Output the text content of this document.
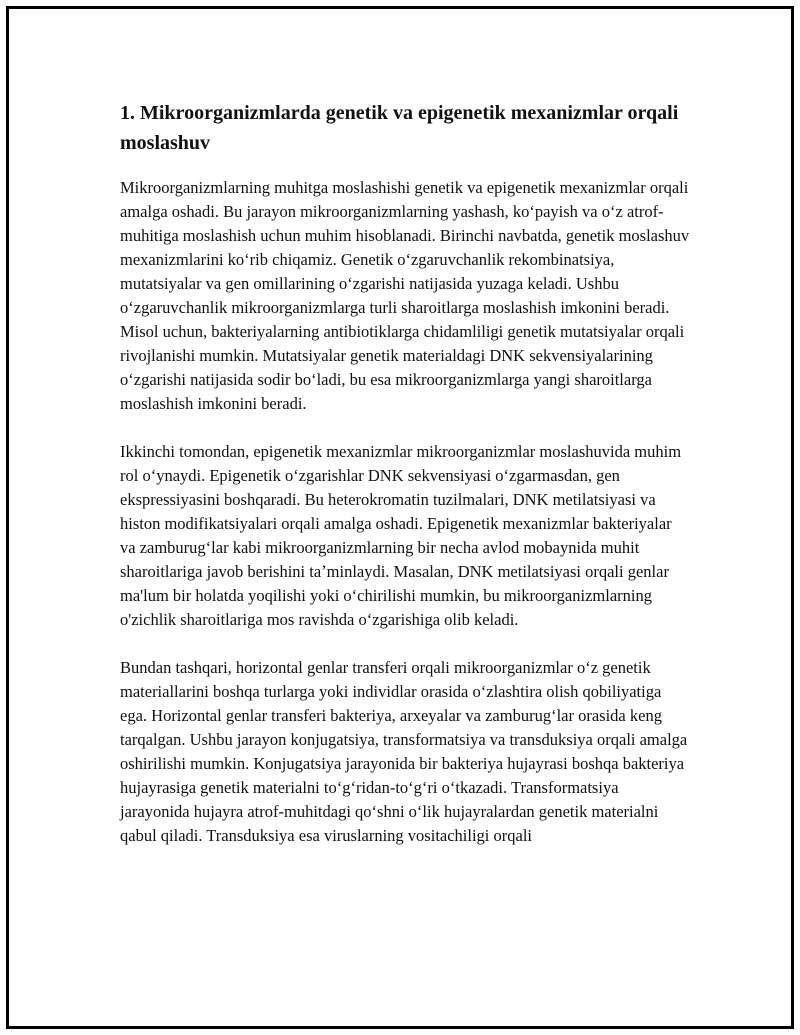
1. Mikroorganizmlarda genetik va epigenetik mexanizmlar orqali moslashuv

Mikroorganizmlarning muhitga moslashishi genetik va epigenetik mexanizmlar orqali amalga oshadi. Bu jarayon mikroorganizmlarning yashash, koʻpayish va oʻz atrof-muhitiga moslashish uchun muhim hisoblanadi. Birinchi navbatda, genetik moslashuv mexanizmlarini koʻrib chiqamiz. Genetik oʻzgaruvchanlik rekombinatsiya, mutatsiyalar va gen omillarining oʻzgarishi natijasida yuzaga keladi. Ushbu oʻzgaruvchanlik mikroorganizmlarga turli sharoitlarga moslashish imkonini beradi. Misol uchun, bakteriyalarning antibiotiklarga chidamliligi genetik mutatsiyalar orqali rivojlanishi mumkin. Mutatsiyalar genetik materialdagi DNK sekvensiyalarining oʻzgarishi natijasida sodir boʻladi, bu esa mikroorganizmlarga yangi sharoitlarga moslashish imkonini beradi.

Ikkinchi tomondan, epigenetik mexanizmlar mikroorganizmlar moslashuvida muhim rol oʻynaydi. Epigenetik oʻzgarishlar DNK sekvensiyasi oʻzgarmasdan, gen ekspressiyasini boshqaradi. Bu heterokromatin tuzilmalari, DNK metilatsiyasi va histon modifikatsiyalari orqali amalga oshadi. Epigenetik mexanizmlar bakteriyalar va zamburugʻlar kabi mikroorganizmlarning bir necha avlod mobaynida muhit sharoitlariga javob berishini taʼminlaydi. Masalan, DNK metilatsiyasi orqali genlar ma'lum bir holatda yoqilishi yoki oʻchirilishi mumkin, bu mikroorganizmlarning o'zichlik sharoitlariga mos ravishda oʻzgarishiga olib keladi.

Bundan tashqari, horizontal genlar transferi orqali mikroorganizmlar oʻz genetik materiallarini boshqa turlarga yoki individlar orasida oʻzlashtira olish qobiliyatiga ega. Horizontal genlar transferi bakteriya, arxeyalar va zamburugʻlar orasida keng tarqalgan. Ushbu jarayon konjugatsiya, transformatsiya va transduksiya orqali amalga oshirilishi mumkin. Konjugatsiya jarayonida bir bakteriya hujayrasi boshqa bakteriya hujayrasiga genetik materialni toʻgʻridan-toʻgʻri oʻtkazadi. Transformatsiya jarayonida hujayra atrof-muhitdagi qoʻshni oʻlik hujayralardan genetik materialni qabul qiladi. Transduksiya esa viruslarning vositachiligi orqali
